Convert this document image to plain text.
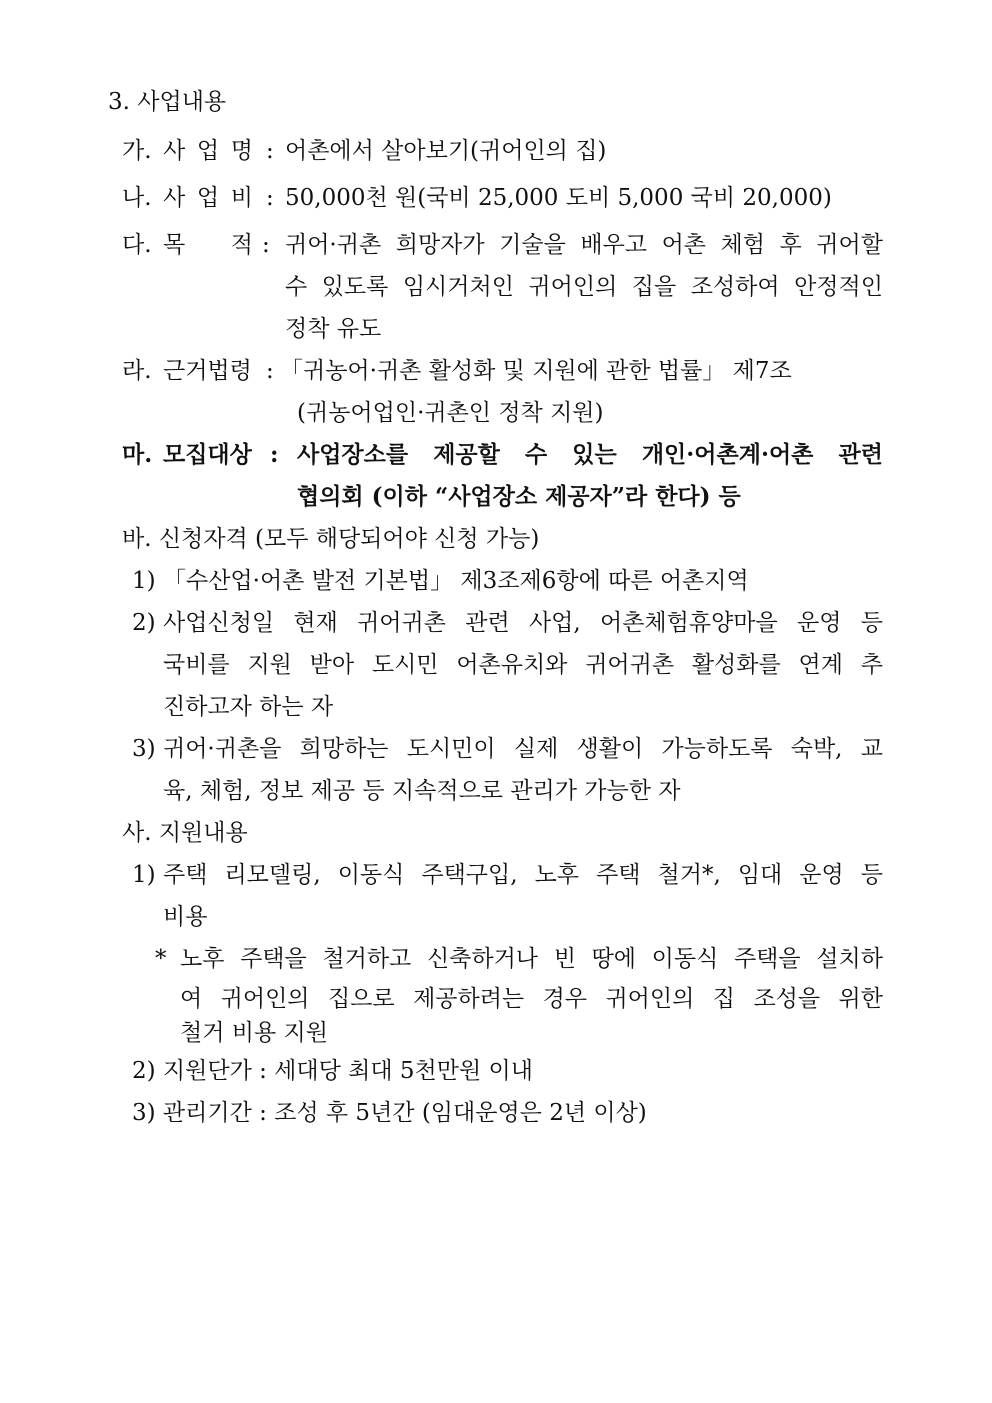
3. 사업내용
가. 사 업 명 : 어촌에서 살아보기(귀어인의 집)
나. 사 업 비 : 50,000천 원(국비 25,000 도비 5,000 국비 20,000)
다. 목 적 : 귀어·귀촌 희망자가 기술을 배우고 어촌 체험 후 귀어할
수 있도록 임시거처인 귀어인의 집을 조성하여 안정적인
정착 유도
라. 근거법령 : 「귀농어·귀촌 활성화 및 지원에 관한 법률」 제7조
(귀농어업인·귀촌인 정착 지원)
마. 모집대상 : 사업장소를 제공할 수 있는 개인·어촌계·어촌 관련
협의회 (이하 “사업장소 제공자”라 한다) 등
바. 신청자격 (모두 해당되어야 신청 가능)
1) 「수산업·어촌 발전 기본법」 제3조제6항에 따른 어촌지역
2) 사업신청일 현재 귀어귀촌 관련 사업, 어촌체험휴양마을 운영 등
국비를 지원 받아 도시민 어촌유치와 귀어귀촌 활성화를 연계 추
진하고자 하는 자
3) 귀어·귀촌을 희망하는 도시민이 실제 생활이 가능하도록 숙박, 교
육, 체험, 정보 제공 등 지속적으로 관리가 가능한 자
사. 지원내용
1) 주택 리모델링, 이동식 주택구입, 노후 주택 철거*, 임대 운영 등
비용
* 노후 주택을 철거하고 신축하거나 빈 땅에 이동식 주택을 설치하
여 귀어인의 집으로 제공하려는 경우 귀어인의 집 조성을 위한
철거 비용 지원
2) 지원단가 : 세대당 최대 5천만원 이내
3) 관리기간 : 조성 후 5년간 (임대운영은 2년 이상)
